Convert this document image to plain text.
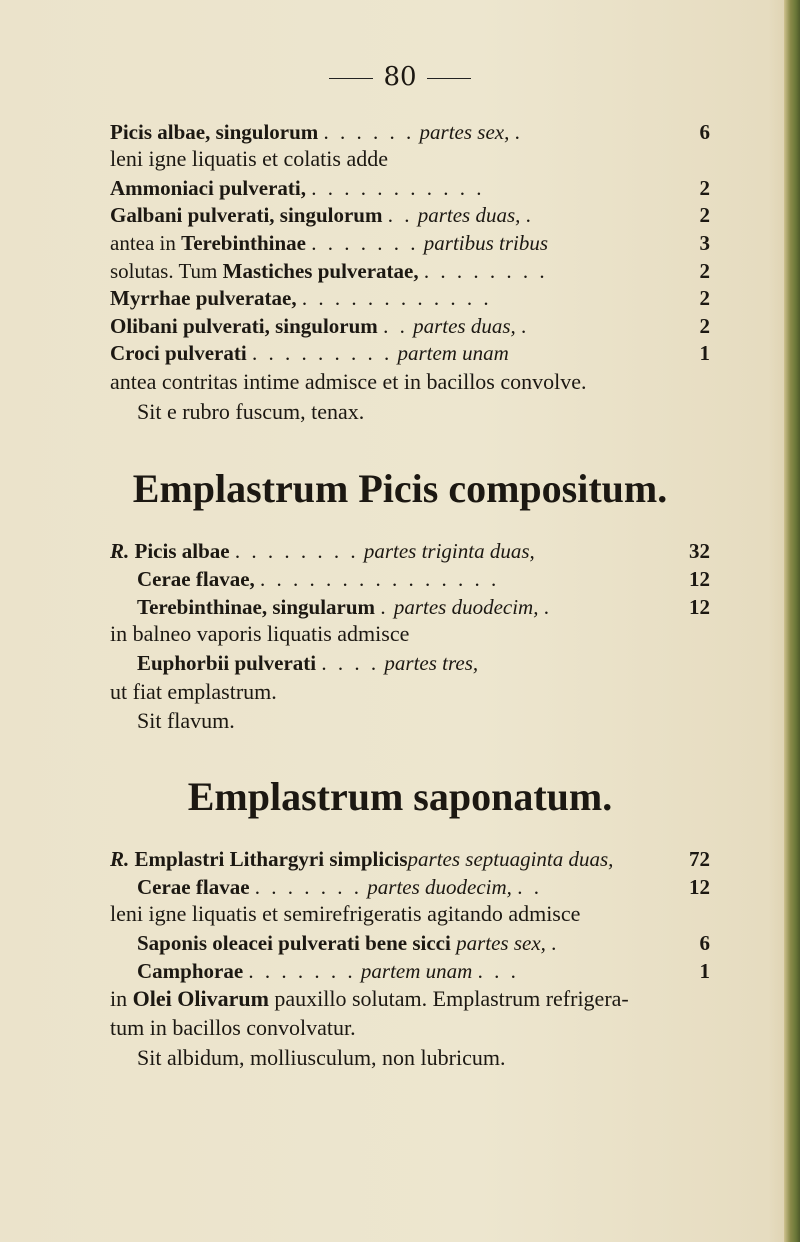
80
Picis albae, singulorum . . . . . . partes sex, .	6
leni igne liquatis et colatis adde
Ammoniaci pulverati, . . . . . . . . . . .	2
Galbani pulverati, singulorum . . partes duas, .	2
antea in Terebinthinae . . . . . . . partibus tribus	3
solutas. Tum Mastiches pulveratae, . . . . . . . .	2
Myrrhae pulveratae, . . . . . . . . . . . .	2
Olibani pulverati, singulorum . . partes duas, .	2
Croci pulverati . . . . . . . . . partem unam	1
antea contritas intime admisce et in bacillos convolve.
Sit e rubro fuscum, tenax.
Emplastrum Picis compositum.
R. Picis albae . . . . . . . . partes triginta duas,	32
Cerae flavae, . . . . . . . . . . . . . . .	12
Terebinthinae, singularum . partes duodecim, .	12
in balneo vaporis liquatis admisce
Euphorbii pulverati . . . . partes tres,
ut fiat emplastrum.
Sit flavum.
Emplastrum saponatum.
R. Emplastri Lithargyri simplicispartes septuaginta duas,	72
Cerae flavae . . . . . . . partes duodecim, . .	12
leni igne liquatis et semirefrigeratis agitando admisce
Saponis oleacei pulverati bene sicci partes sex, .	6
Camphorae . . . . . . . partem unam . . .	1
in Olei Olivarum pauxillo solutam. Emplastrum refrigera-
tum in bacillos convolvatur.
Sit albidum, molliusculum, non lubricum.
